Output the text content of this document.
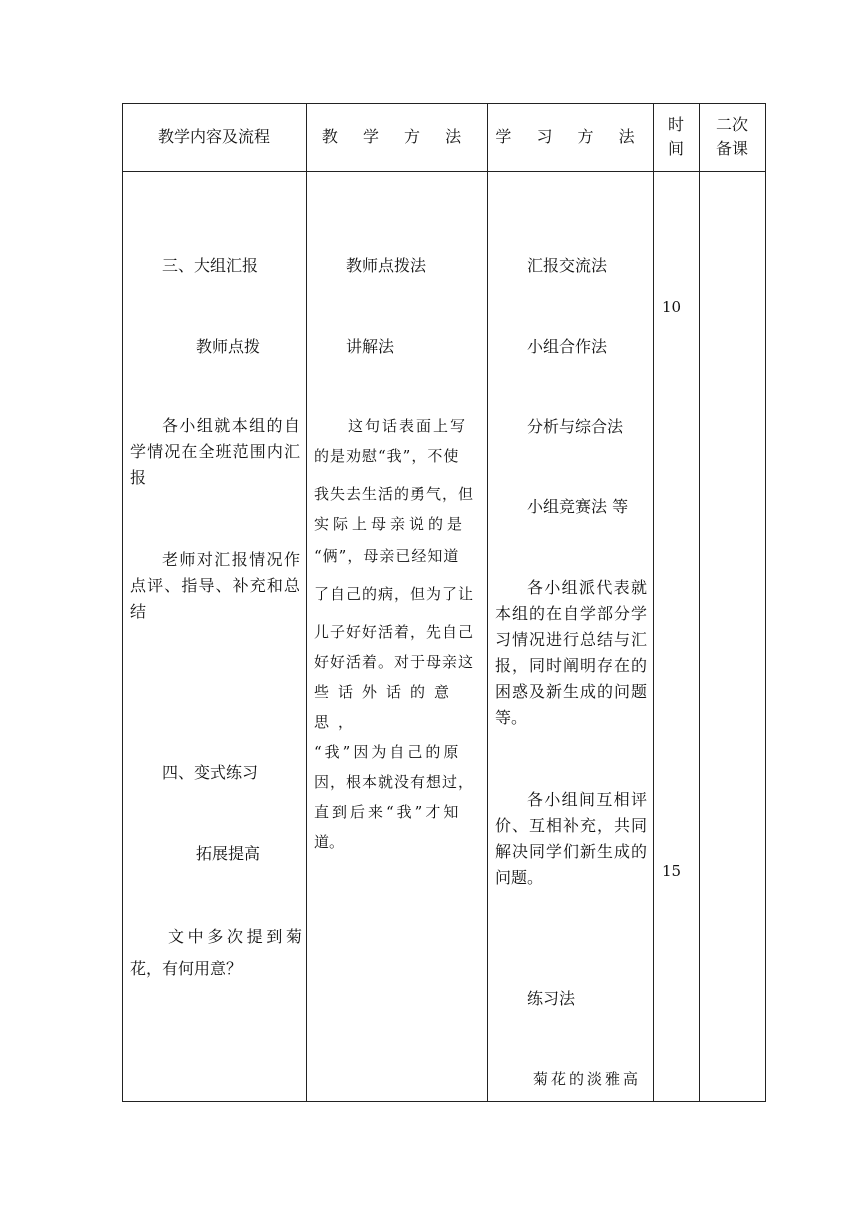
教学内容及流程	教 学 方 法	学 习 方 法
时
间
二次
备课
三、大组汇报
教师点拨
各小组就本组的自学情况在全班范围内汇报
老师对汇报情况作点评、指导、补充和总结
四、变式练习
拓展提高
文中多次提到菊花，有何用意？
教师点拨法
讲解法
这句话表面上写
的是劝慰“我”，不使
我失去生活的勇气，但
实际上母亲说的是
“俩”，母亲已经知道
了自己的病，但为了让
儿子好好活着，先自己
好好活着。对于母亲这
些话外话的意思，
“我”因为自己的原
因，根本就没有想过，
直到后来“我”才知
道。
汇报交流法
小组合作法
分析与综合法
小组竞赛法 等
各小组派代表就本组的在自学部分学习情况进行总结与汇报，同时阐明存在的困惑及新生成的问题等。
各小组间互相评价、互相补充，共同解决同学们新生成的问题。
练习法
菊花的淡雅高
10
15
